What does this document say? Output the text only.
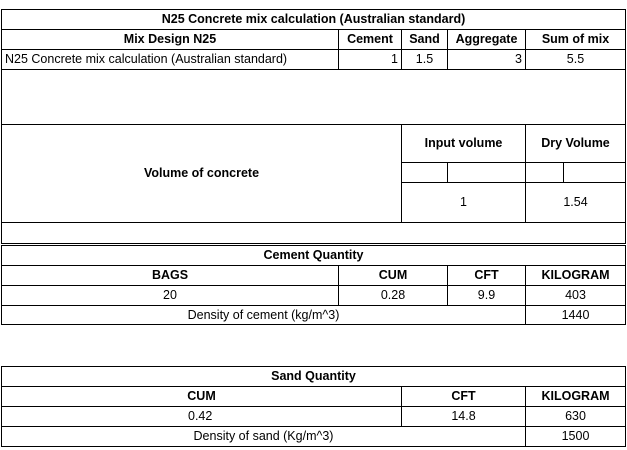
N25 Concrete mix calculation (Australian standard)
Mix Design N25	Cement	Sand	Aggregate	Sum of mix
N25 Concrete mix calculation (Australian standard)	1	1.5	3	5.5
Volume of concrete
Input volume	Dry Volume
1	1.54
Cement Quantity
BAGS	CUM	CFT	KILOGRAM
20	0.28	9.9	403
Density of cement (kg/m^3)	1440
Sand Quantity
CUM	CFT	KILOGRAM
0.42	14.8	630
Density of sand (Kg/m^3)	1500
